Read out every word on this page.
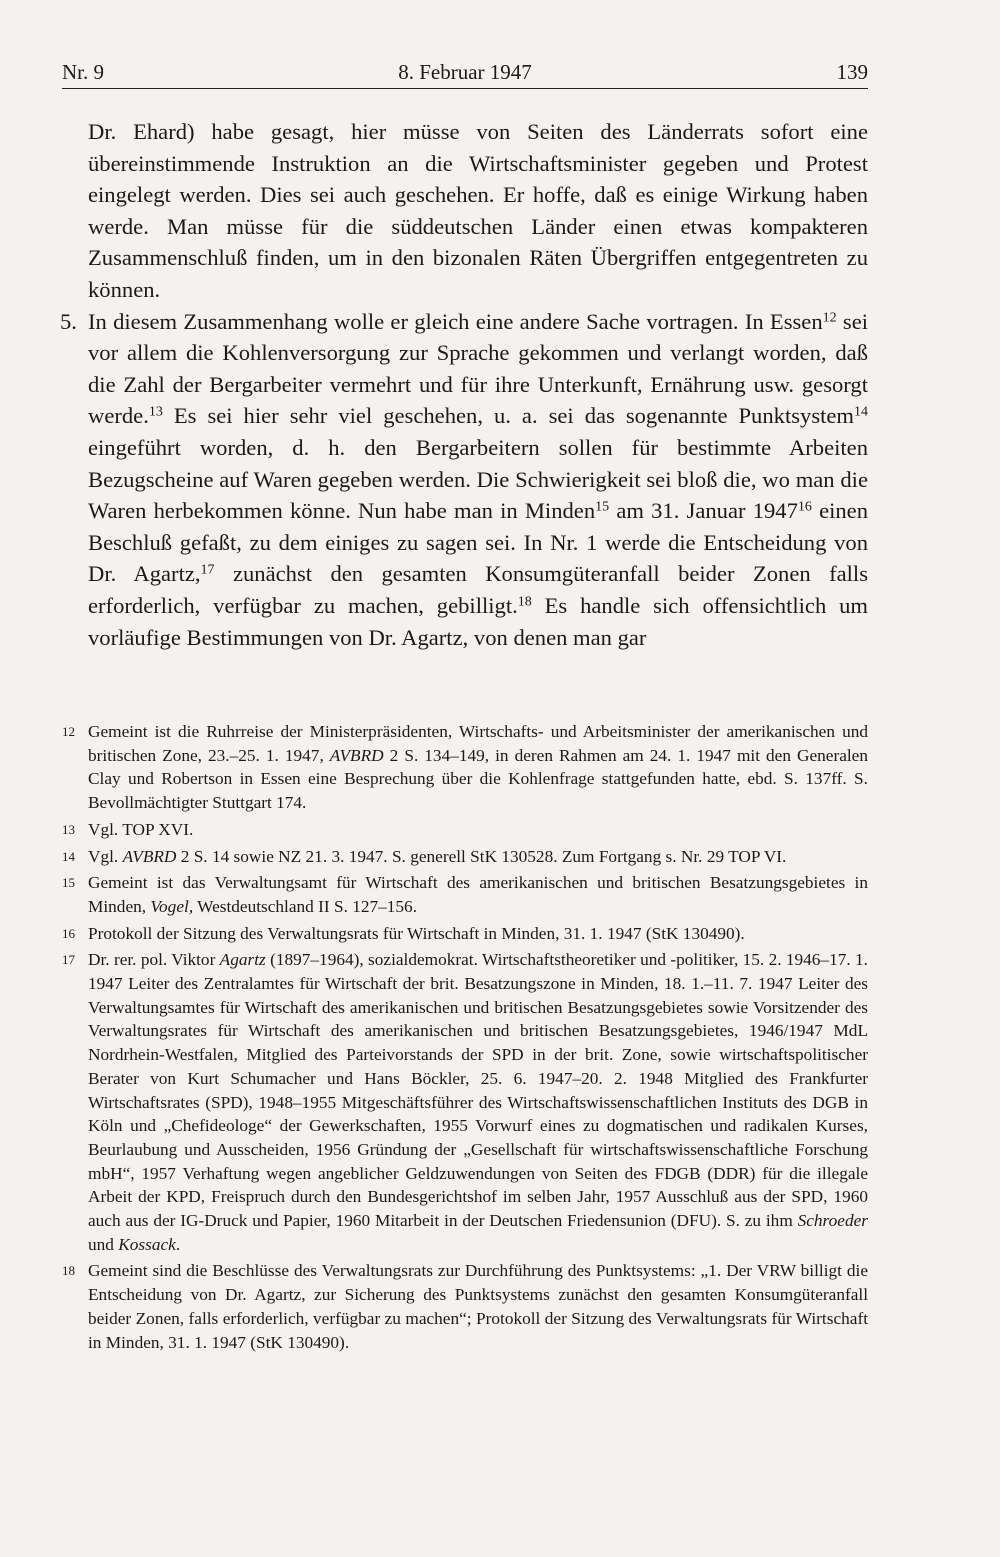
Nr. 9	8. Februar 1947	139

Dr. Ehard) habe gesagt, hier müsse von Seiten des Länderrats sofort eine übereinstimmende Instruktion an die Wirtschaftsminister gegeben und Protest eingelegt werden. Dies sei auch geschehen. Er hoffe, daß es einige Wirkung haben werde. Man müsse für die süddeutschen Länder einen etwas kompakteren Zusammenschluß finden, um in den bizonalen Räten Übergriffen entgegentreten zu können.

5. In diesem Zusammenhang wolle er gleich eine andere Sache vortragen. In Essen$^{12}$ sei vor allem die Kohlenversorgung zur Sprache gekommen und verlangt worden, daß die Zahl der Bergarbeiter vermehrt und für ihre Unterkunft, Ernährung usw. gesorgt werde.$^{13}$ Es sei hier sehr viel geschehen, u. a. sei das sogenannte Punktsystem$^{14}$ eingeführt worden, d. h. den Bergarbeitern sollen für bestimmte Arbeiten Bezugscheine auf Waren gegeben werden. Die Schwierigkeit sei bloß die, wo man die Waren herbekommen könne. Nun habe man in Minden$^{15}$ am 31. Januar 1947$^{16}$ einen Beschluß gefaßt, zu dem einiges zu sagen sei. In Nr. 1 werde die Entscheidung von Dr. Agartz,$^{17}$ zunächst den gesamten Konsumgüteranfall beider Zonen falls erforderlich, verfügbar zu machen, gebilligt.$^{18}$ Es handle sich offensichtlich um vorläufige Bestimmungen von Dr. Agartz, von denen man gar

12 Gemeint ist die Ruhrreise der Ministerpräsidenten, Wirtschafts- und Arbeitsminister der amerikanischen und britischen Zone, 23.–25. 1. 1947, AVBRD 2 S. 134–149, in deren Rahmen am 24. 1. 1947 mit den Generalen Clay und Robertson in Essen eine Besprechung über die Kohlenfrage stattgefunden hatte, ebd. S. 137ff. S. Bevollmächtigter Stuttgart 174.

13 Vgl. TOP XVI.

14 Vgl. AVBRD 2 S. 14 sowie NZ 21. 3. 1947. S. generell StK 130528. Zum Fortgang s. Nr. 29 TOP VI.

15 Gemeint ist das Verwaltungsamt für Wirtschaft des amerikanischen und britischen Besatzungsgebietes in Minden, Vogel, Westdeutschland II S. 127–156.

16 Protokoll der Sitzung des Verwaltungsrats für Wirtschaft in Minden, 31. 1. 1947 (StK 130490).

17 Dr. rer. pol. Viktor Agartz (1897–1964), sozialdemokrat. Wirtschaftstheoretiker und -politiker, 15. 2. 1946–17. 1. 1947 Leiter des Zentralamtes für Wirtschaft der brit. Besatzungszone in Minden, 18. 1.–11. 7. 1947 Leiter des Verwaltungsamtes für Wirtschaft des amerikanischen und britischen Besatzungsgebietes sowie Vorsitzender des Verwaltungsrates für Wirtschaft des amerikanischen und britischen Besatzungsgebietes, 1946/1947 MdL Nordrhein-Westfalen, Mitglied des Parteivorstands der SPD in der brit. Zone, sowie wirtschaftspolitischer Berater von Kurt Schumacher und Hans Böckler, 25. 6. 1947–20. 2. 1948 Mitglied des Frankfurter Wirtschaftsrates (SPD), 1948–1955 Mitgeschäftsführer des Wirtschaftswissenschaftlichen Instituts des DGB in Köln und „Chefideologe“ der Gewerkschaften, 1955 Vorwurf eines zu dogmatischen und radikalen Kurses, Beurlaubung und Ausscheiden, 1956 Gründung der „Gesellschaft für wirtschaftswissenschaftliche Forschung mbH“, 1957 Verhaftung wegen angeblicher Geldzuwendungen von Seiten des FDGB (DDR) für die illegale Arbeit der KPD, Freispruch durch den Bundesgerichtshof im selben Jahr, 1957 Ausschluß aus der SPD, 1960 auch aus der IG-Druck und Papier, 1960 Mitarbeit in der Deutschen Friedensunion (DFU). S. zu ihm Schroeder und Kossack.

18 Gemeint sind die Beschlüsse des Verwaltungsrats zur Durchführung des Punktsystems: „1. Der VRW billigt die Entscheidung von Dr. Agartz, zur Sicherung des Punktsystems zunächst den gesamten Konsumgüteranfall beider Zonen, falls erforderlich, verfügbar zu machen“; Protokoll der Sitzung des Verwaltungsrats für Wirtschaft in Minden, 31. 1. 1947 (StK 130490).
